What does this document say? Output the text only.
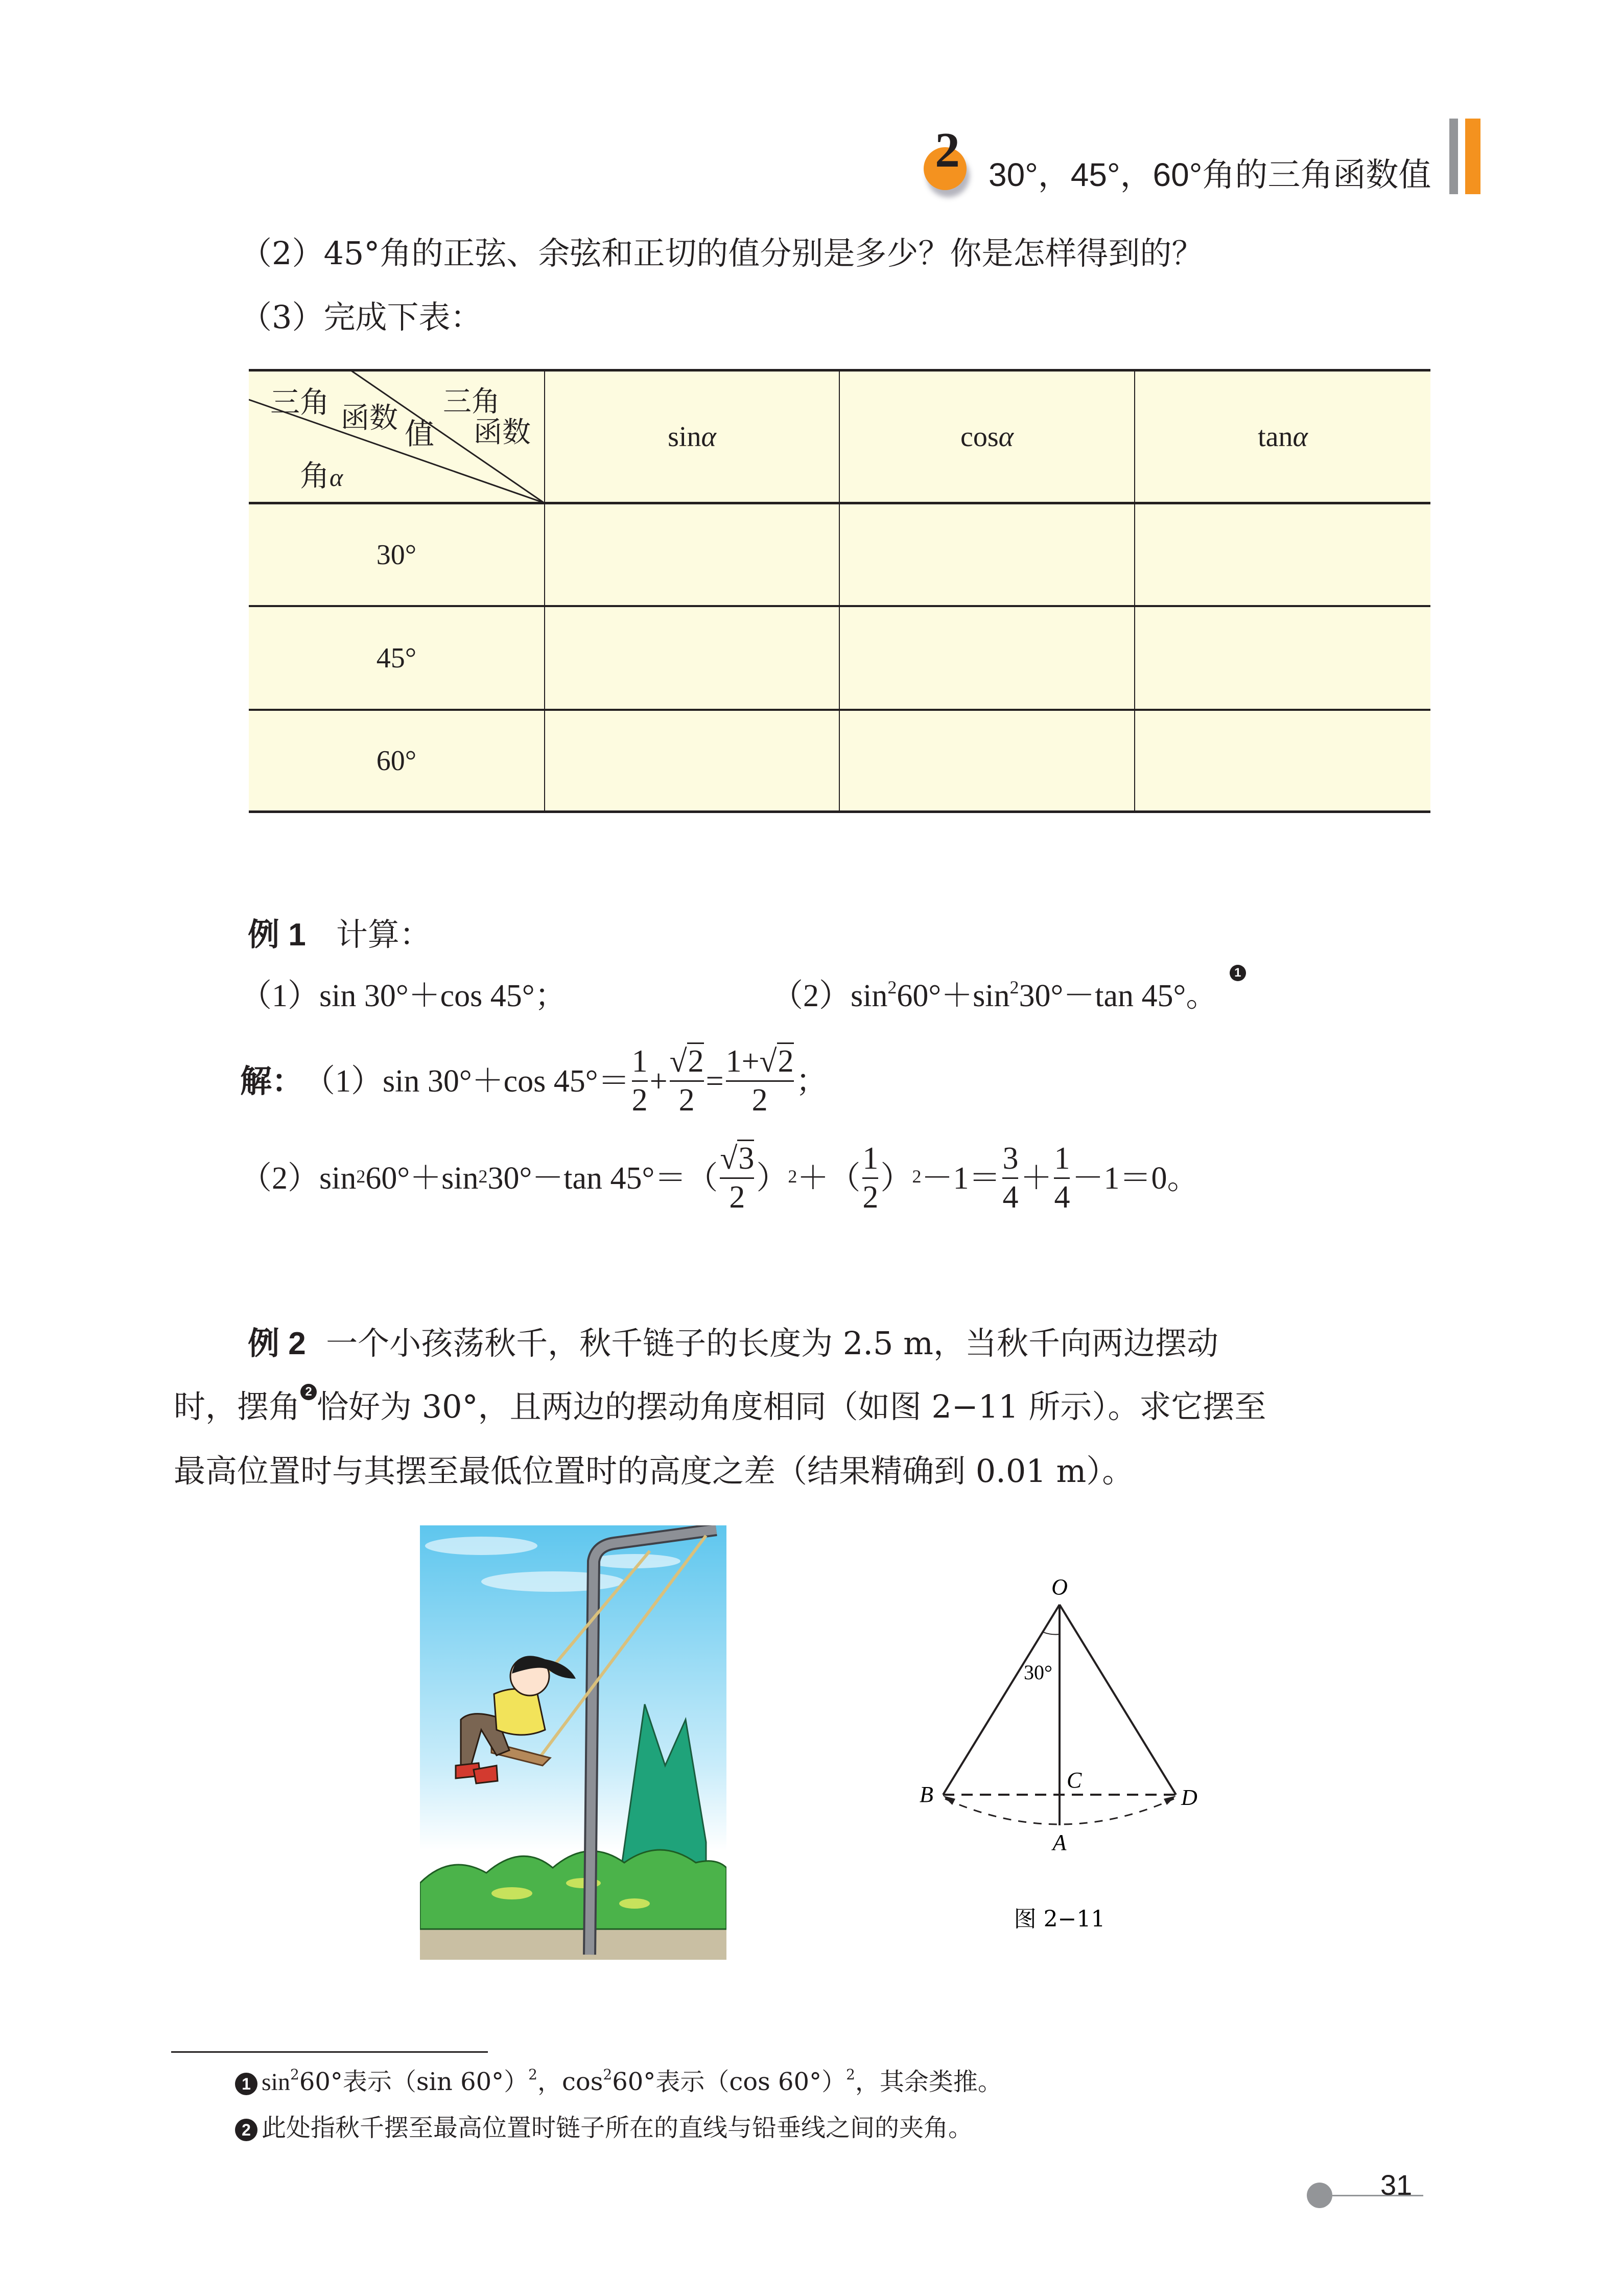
2 30°，45°，60°角的三角函数值
（2）45°角的正弦、余弦和正切的值分别是多少？你是怎样得到的？
（3）完成下表：
三角 函数 值
三角
函数
角α
sin α	cos α	tan α
30°
45°
60°
例 1 计算：
（1）sin 30°＋cos 45°；	$(2)\sin^260^\circ+\sin^230^\circ-\tan$ 45°。 1
解： （1）sin 30°＋cos $45^\circ= \frac{1}{2} + \frac{√2}{2} = \frac{1+√2}{2}$ ；
（2）sin 2 60°＋sin 2 30°－tan $45^\circ=( \frac{√3}{2}$ ） 2 ＋（ $\frac{1}{2}$ ） $2 -1= \frac{3}{4} + \frac{1}{4} -1=0$。
例 2 一个小孩荡秋千，秋千链子的长度为 2.5 m，当秋千向两边摆动
时，摆角 2 恰好为 30°，且两边的摆动角度相同（如图 2−11 所示）。求它摆至
最高位置时与其摆至最低位置时的高度之差（结果精确到 0.01 m）。
O
A
B
C
D
30°
图 2−11
1 $\sin^260^\circ$表示（sin 60°）$^2$，$\cos^260^\circ$表示（cos 60°）$^2$，其余类推。
2 此处指秋千摆至最高位置时链子所在的直线与铅垂线之间的夹角。
31
